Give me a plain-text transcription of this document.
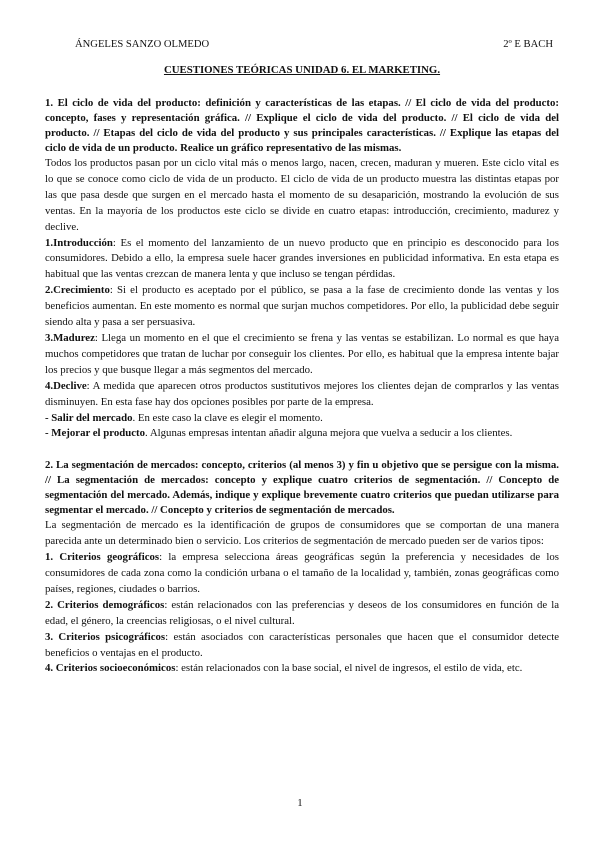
ÁNGELES SANZO OLMEDO	2º E BACH
CUESTIONES TEÓRICAS UNIDAD 6. EL MARKETING.

1. El ciclo de vida del producto: definición y características de las etapas. // El ciclo de vida del producto: concepto, fases y representación gráfica. // Explique el ciclo de vida del producto. // El ciclo de vida del producto. // Etapas del ciclo de vida del producto y sus principales características. // Explique las etapas del ciclo de vida de un producto. Realice un gráfico representativo de las mismas.

Todos los productos pasan por un ciclo vital más o menos largo, nacen, crecen, maduran y mueren. Este ciclo vital es lo que se conoce como ciclo de vida de un producto. El ciclo de vida de un producto muestra las distintas etapas por las que pasa desde que surgen en el mercado hasta el momento de su desaparición, mostrando la evolución de sus ventas. En la mayoría de los productos este ciclo se divide en cuatro etapas: introducción, crecimiento, madurez y declive.

1.Introducción: Es el momento del lanzamiento de un nuevo producto que en principio es desconocido para los consumidores. Debido a ello, la empresa suele hacer grandes inversiones en publicidad informativa. En esta etapa es habitual que las ventas crezcan de manera lenta y que incluso se tengan pérdidas.

2.Crecimiento: Si el producto es aceptado por el público, se pasa a la fase de crecimiento donde las ventas y los beneficios aumentan. En este momento es normal que surjan muchos competidores. Por ello, la publicidad debe seguir siendo alta y pasa a ser persuasiva.

3.Madurez: Llega un momento en el que el crecimiento se frena y las ventas se estabilizan. Lo normal es que haya muchos competidores que tratan de luchar por conseguir los clientes. Por ello, es habitual que la empresa intente bajar los precios y que busque llegar a más segmentos del mercado.

4.Declive: A medida que aparecen otros productos sustitutivos mejores los clientes dejan de comprarlos y las ventas disminuyen. En esta fase hay dos opciones posibles por parte de la empresa.

- Salir del mercado. En este caso la clave es elegir el momento.

- Mejorar el producto. Algunas empresas intentan añadir alguna mejora que vuelva a seducir a los clientes.

2. La segmentación de mercados: concepto, criterios (al menos 3) y fin u objetivo que se persigue con la misma. // La segmentación de mercados: concepto y explique cuatro criterios de segmentación. // Concepto de segmentación del mercado. Además, indique y explique brevemente cuatro criterios que puedan utilizarse para segmentar el mercado. // Concepto y criterios de segmentación de mercados.

La segmentación de mercado es la identificación de grupos de consumidores que se comportan de una manera parecida ante un determinado bien o servicio. Los criterios de segmentación de mercado pueden ser de varios tipos:

1. Criterios geográficos: la empresa selecciona áreas geográficas según la preferencia y necesidades de los consumidores de cada zona como la condición urbana o el tamaño de la localidad y, también, zonas geográficas como países, regiones, ciudades o barrios.

2. Criterios demográficos: están relacionados con las preferencias y deseos de los consumidores en función de la edad, el género, la creencias religiosas, o el nivel cultural.

3. Criterios psicográficos: están asociados con características personales que hacen que el consumidor detecte beneficios o ventajas en el producto.

4. Criterios socioeconómicos: están relacionados con la base social, el nivel de ingresos, el estilo de vida, etc.

1
